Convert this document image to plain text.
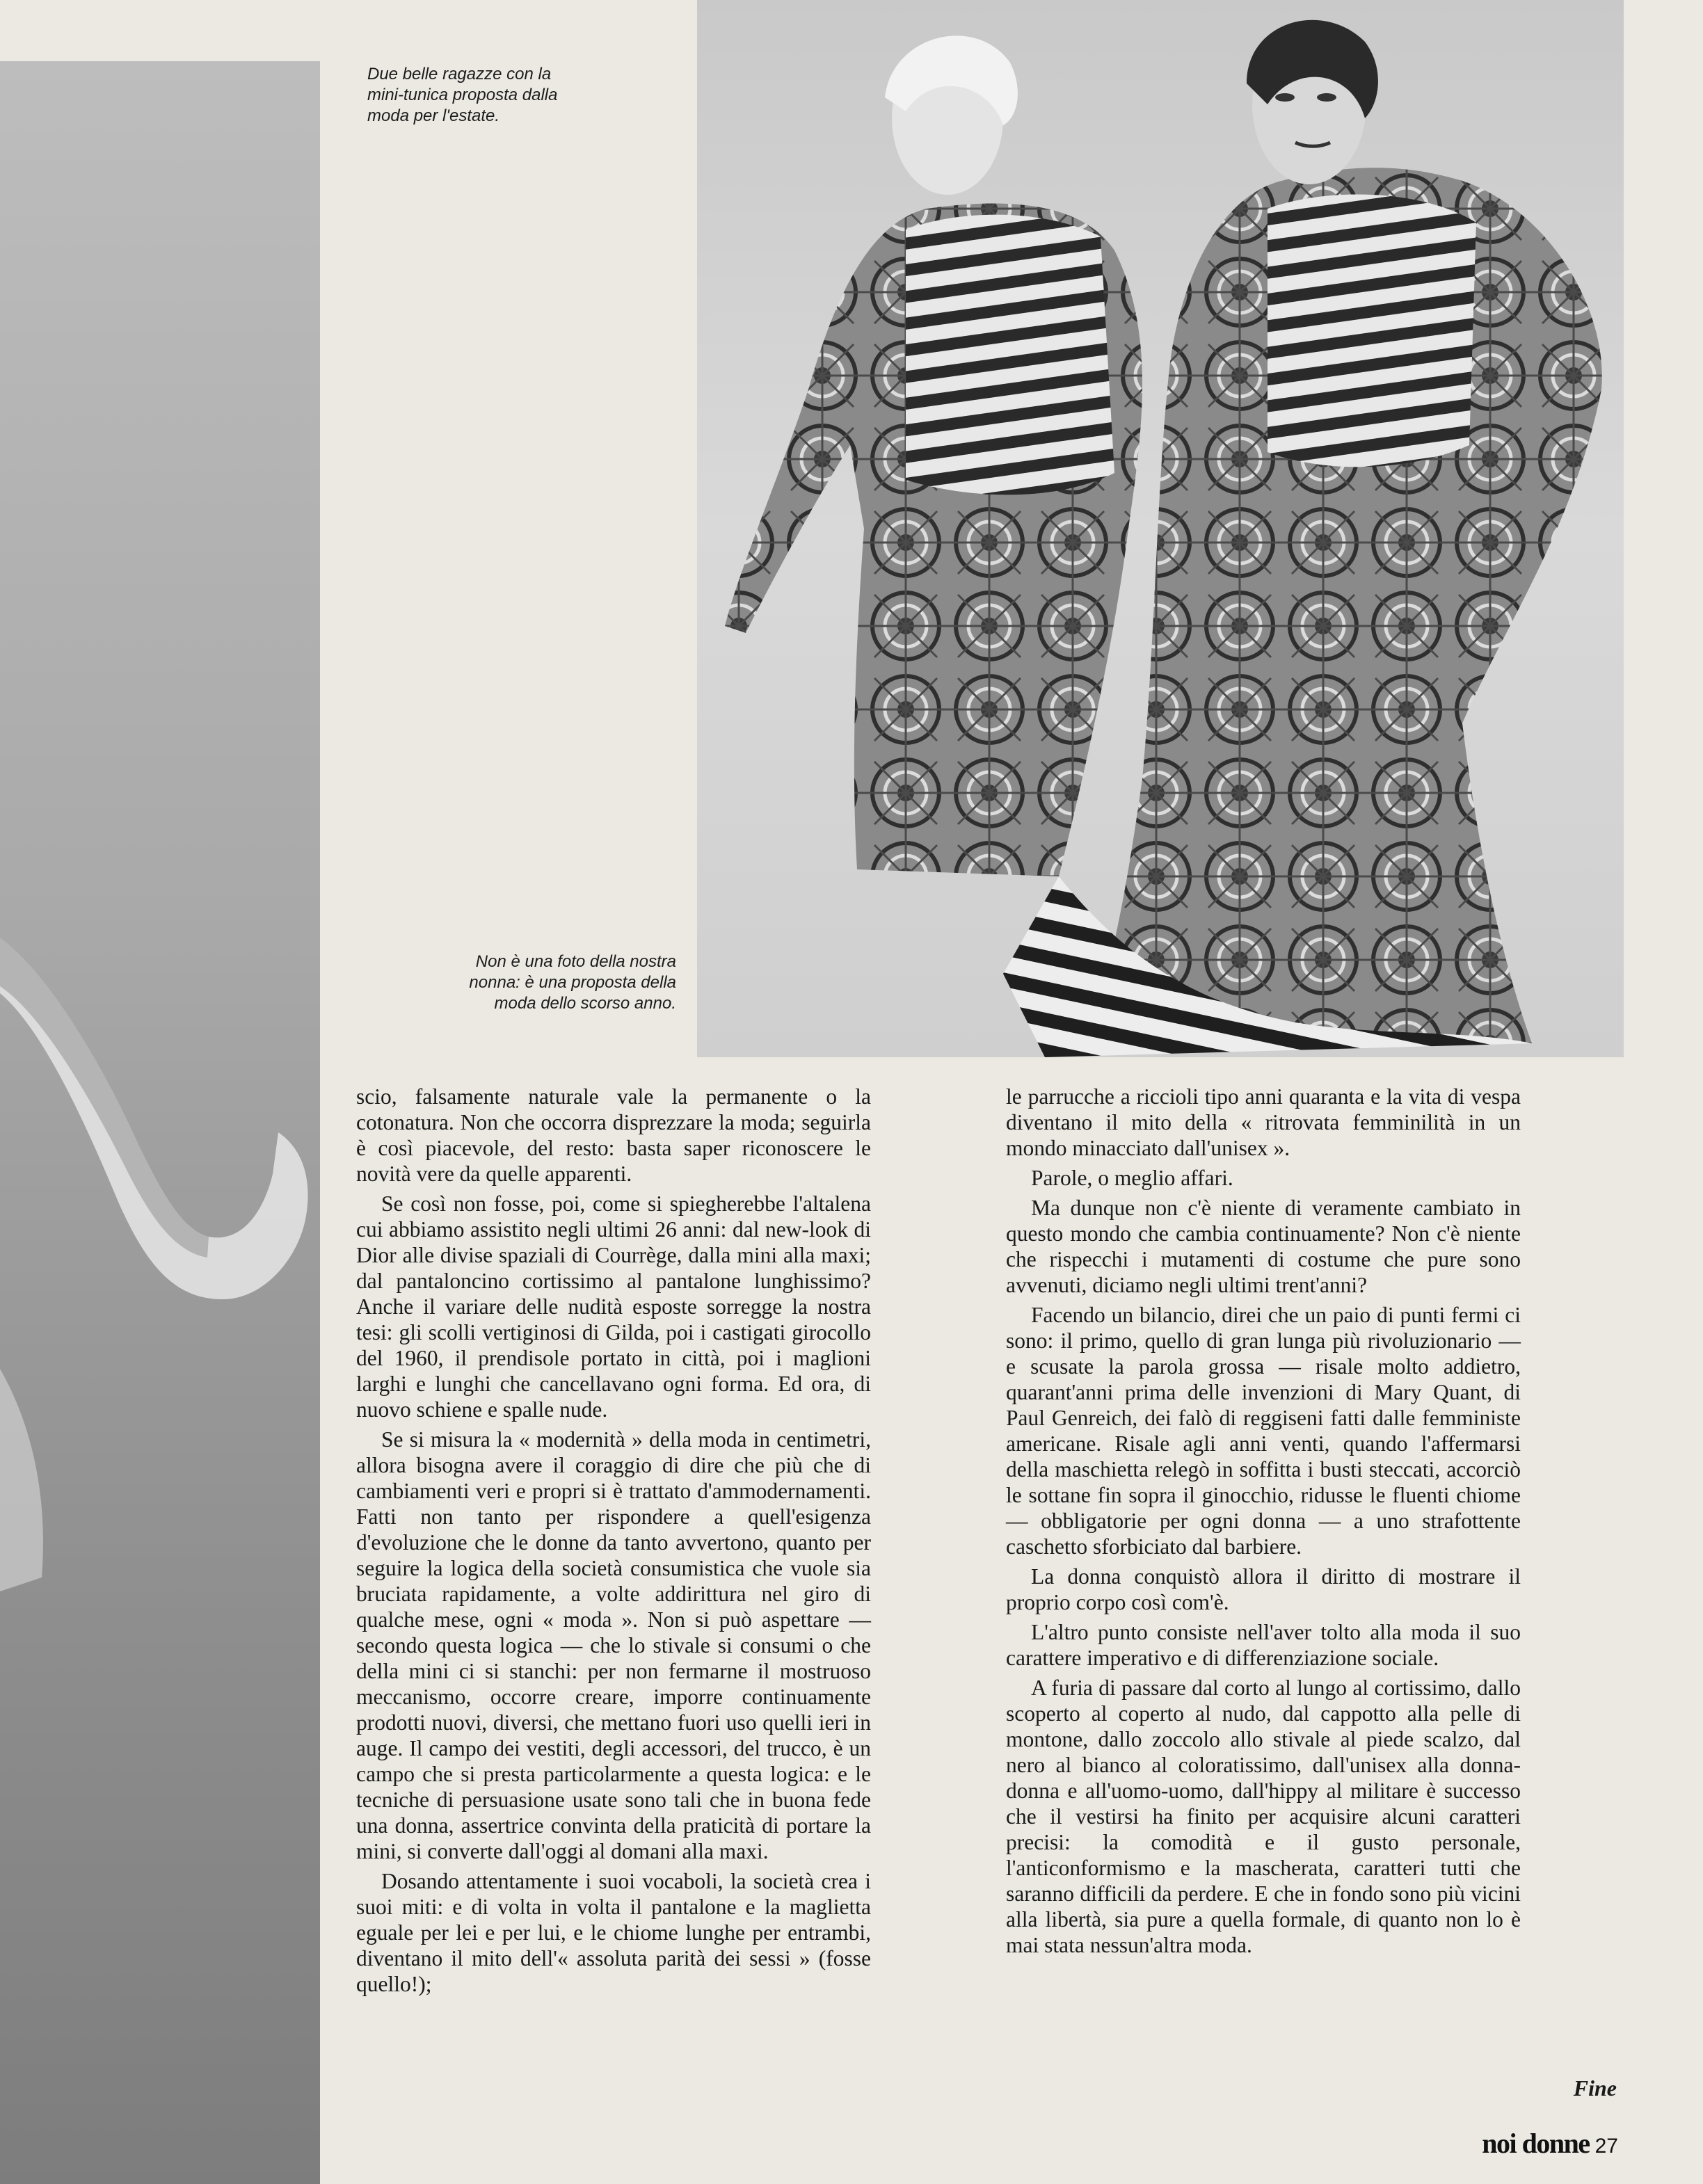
Due belle ragazze con la mini-tunica proposta dalla moda per l'estate.

Non è una foto della nostra nonna: è una proposta della moda dello scorso anno.

scio, falsamente naturale vale la permanente o la cotonatura. Non che occorra disprezzare la moda; seguirla è così piacevole, del resto: basta saper riconoscere le novità vere da quelle apparenti.

Se così non fosse, poi, come si spiegherebbe l'altalena cui abbiamo assistito negli ultimi 26 anni: dal new-look di Dior alle divise spaziali di Courrège, dalla mini alla maxi; dal pantaloncino cortissimo al pantalone lunghissimo? Anche il variare delle nudità esposte sorregge la nostra tesi: gli scolli vertiginosi di Gilda, poi i castigati girocollo del 1960, il prendisole portato in città, poi i maglioni larghi e lunghi che cancellavano ogni forma. Ed ora, di nuovo schiene e spalle nude.

Se si misura la « modernità » della moda in centimetri, allora bisogna avere il coraggio di dire che più che di cambiamenti veri e propri si è trattato d'ammodernamenti. Fatti non tanto per rispondere a quell'esigenza d'evoluzione che le donne da tanto avvertono, quanto per seguire la logica della società consumistica che vuole sia bruciata rapidamente, a volte addirittura nel giro di qualche mese, ogni « moda ». Non si può aspettare — secondo questa logica — che lo stivale si consumi o che della mini ci si stanchi: per non fermarne il mostruoso meccanismo, occorre creare, imporre continuamente prodotti nuovi, diversi, che mettano fuori uso quelli ieri in auge. Il campo dei vestiti, degli accessori, del trucco, è un campo che si presta particolarmente a questa logica: e le tecniche di persuasione usate sono tali che in buona fede una donna, assertrice convinta della praticità di portare la mini, si converte dall'oggi al domani alla maxi.

Dosando attentamente i suoi vocaboli, la società crea i suoi miti: e di volta in volta il pantalone e la maglietta eguale per lei e per lui, e le chiome lunghe per entrambi, diventano il mito dell'« assoluta parità dei sessi » (fosse quello!);

le parrucche a riccioli tipo anni quaranta e la vita di vespa diventano il mito della « ritrovata femminilità in un mondo minacciato dall'unisex ».

Parole, o meglio affari.

Ma dunque non c'è niente di veramente cambiato in questo mondo che cambia continuamente? Non c'è niente che rispecchi i mutamenti di costume che pure sono avvenuti, diciamo negli ultimi trent'anni?

Facendo un bilancio, direi che un paio di punti fermi ci sono: il primo, quello di gran lunga più rivoluzionario — e scusate la parola grossa — risale molto addietro, quarant'anni prima delle invenzioni di Mary Quant, di Paul Genreich, dei falò di reggiseni fatti dalle femministe americane. Risale agli anni venti, quando l'affermarsi della maschietta relegò in soffitta i busti steccati, accorciò le sottane fin sopra il ginocchio, ridusse le fluenti chiome — obbligatorie per ogni donna — a uno strafottente caschetto sforbiciato dal barbiere.

La donna conquistò allora il diritto di mostrare il proprio corpo così com'è.

L'altro punto consiste nell'aver tolto alla moda il suo carattere imperativo e di differenziazione sociale.

A furia di passare dal corto al lungo al cortissimo, dallo scoperto al coperto al nudo, dal cappotto alla pelle di montone, dallo zoccolo allo stivale al piede scalzo, dal nero al bianco al coloratissimo, dall'unisex alla donna-donna e all'uomo-uomo, dall'hippy al militare è successo che il vestirsi ha finito per acquisire alcuni caratteri precisi: la comodità e il gusto personale, l'anticonformismo e la mascherata, caratteri tutti che saranno difficili da perdere. E che in fondo sono più vicini alla libertà, sia pure a quella formale, di quanto non lo è mai stata nessun'altra moda.

Fine

noi donne 27
